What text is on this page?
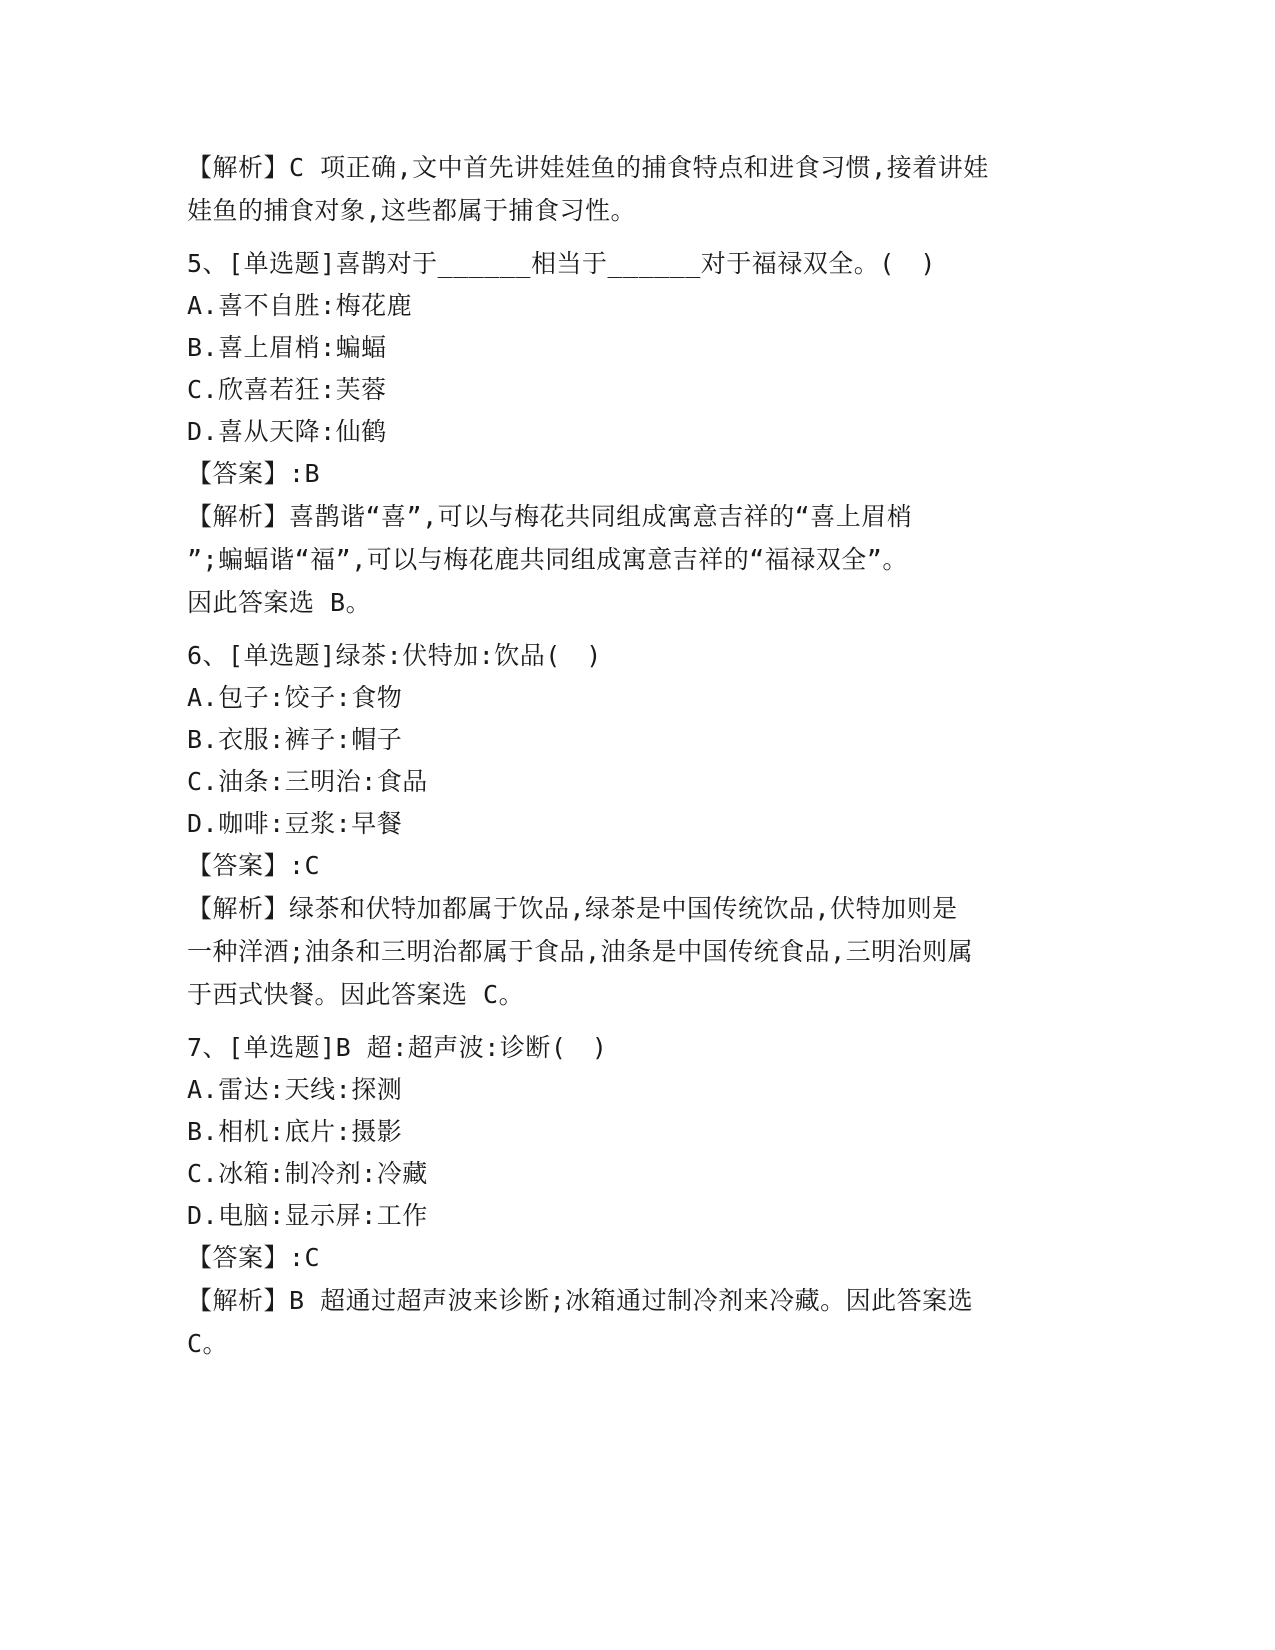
【解析】C 项正确,文中首先讲娃娃鱼的捕食特点和进食习惯,接着讲娃
娃鱼的捕食对象,这些都属于捕食习性。
5、[单选题]喜鹊对于______相当于______对于福禄双全。(　)
A.喜不自胜:梅花鹿
B.喜上眉梢:蝙蝠
C.欣喜若狂:芙蓉
D.喜从天降:仙鹤
【答案】:B
【解析】喜鹊谐“喜”,可以与梅花共同组成寓意吉祥的“喜上眉梢
”;蝙蝠谐“福”,可以与梅花鹿共同组成寓意吉祥的“福禄双全”。
因此答案选 B。
6、[单选题]绿茶:伏特加:饮品(　)
A.包子:饺子:食物
B.衣服:裤子:帽子
C.油条:三明治:食品
D.咖啡:豆浆:早餐
【答案】:C
【解析】绿茶和伏特加都属于饮品,绿茶是中国传统饮品,伏特加则是
一种洋酒;油条和三明治都属于食品,油条是中国传统食品,三明治则属
于西式快餐。因此答案选 C。
7、[单选题]B 超:超声波:诊断(　)
A.雷达:天线:探测
B.相机:底片:摄影
C.冰箱:制冷剂:冷藏
D.电脑:显示屏:工作
【答案】:C
【解析】B 超通过超声波来诊断;冰箱通过制冷剂来冷藏。因此答案选
C。
